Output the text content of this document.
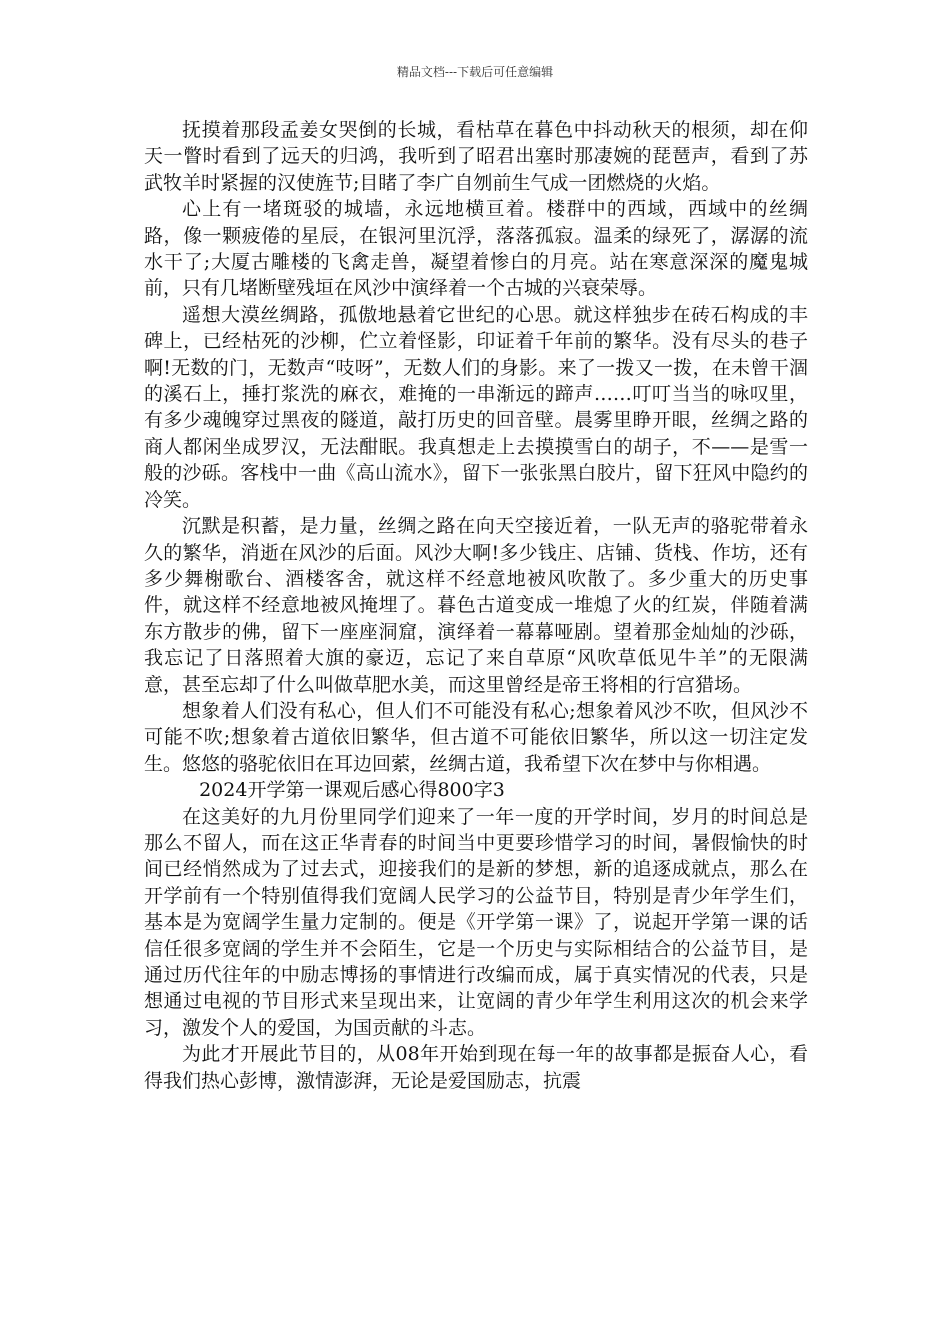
精品文档---下载后可任意编辑

抚摸着那段孟姜女哭倒的长城，看枯草在暮色中抖动秋天的根须，却在仰天一瞥时看到了远天的归鸿，我听到了昭君出塞时那凄婉的琵琶声，看到了苏武牧羊时紧握的汉使旌节;目睹了李广自刎前生气成一团燃烧的火焰。

心上有一堵斑驳的城墙，永远地横亘着。楼群中的西域，西域中的丝绸路，像一颗疲倦的星辰，在银河里沉浮，落落孤寂。温柔的绿死了，潺潺的流水干了;大厦古雕楼的飞禽走兽，凝望着惨白的月亮。站在寒意深深的魔鬼城前，只有几堵断壁残垣在风沙中演绎着一个古城的兴衰荣辱。

遥想大漠丝绸路，孤傲地悬着它世纪的心思。就这样独步在砖石构成的丰碑上，已经枯死的沙柳，伫立着怪影，印证着千年前的繁华。没有尽头的巷子啊!无数的门，无数声“吱呀”，无数人们的身影。来了一拨又一拨，在未曾干涸的溪石上，捶打浆洗的麻衣，难掩的一串渐远的蹄声……叮叮当当的咏叹里，有多少魂魄穿过黑夜的隧道，敲打历史的回音壁。晨雾里睁开眼，丝绸之路的商人都闲坐成罗汉，无法酣眠。我真想走上去摸摸雪白的胡子，不——是雪一般的沙砾。客栈中一曲《高山流水》，留下一张张黑白胶片，留下狂风中隐约的冷笑。

沉默是积蓄，是力量，丝绸之路在向天空接近着，一队无声的骆驼带着永久的繁华，消逝在风沙的后面。风沙大啊!多少钱庄、店铺、货栈、作坊，还有多少舞榭歌台、酒楼客舍，就这样不经意地被风吹散了。多少重大的历史事件，就这样不经意地被风掩埋了。暮色古道变成一堆熄了火的红炭，伴随着满东方散步的佛，留下一座座洞窟，演绎着一幕幕哑剧。望着那金灿灿的沙砾，我忘记了日落照着大旗的豪迈，忘记了来自草原“风吹草低见牛羊”的无限满意，甚至忘却了什么叫做草肥水美，而这里曾经是帝王将相的行宫猎场。

想象着人们没有私心，但人们不可能没有私心;想象着风沙不吹，但风沙不可能不吹;想象着古道依旧繁华，但古道不可能依旧繁华，所以这一切注定发生。悠悠的骆驼依旧在耳边回萦，丝绸古道，我希望下次在梦中与你相遇。

2024开学第一课观后感心得800字3

在这美好的九月份里同学们迎来了一年一度的开学时间，岁月的时间总是那么不留人，而在这正华青春的时间当中更要珍惜学习的时间，暑假愉快的时间已经悄然成为了过去式，迎接我们的是新的梦想，新的追逐成就点，那么在开学前有一个特别值得我们宽阔人民学习的公益节目，特别是青少年学生们，基本是为宽阔学生量力定制的。便是《开学第一课》了，说起开学第一课的话信任很多宽阔的学生并不会陌生，它是一个历史与实际相结合的公益节目，是通过历代往年的中励志博扬的事情进行改编而成，属于真实情况的代表，只是想通过电视的节目形式来呈现出来，让宽阔的青少年学生利用这次的机会来学习，激发个人的爱国，为国贡献的斗志。

为此才开展此节目的，从08年开始到现在每一年的故事都是振奋人心，看得我们热心彭博，激情澎湃，无论是爱国励志，抗震
